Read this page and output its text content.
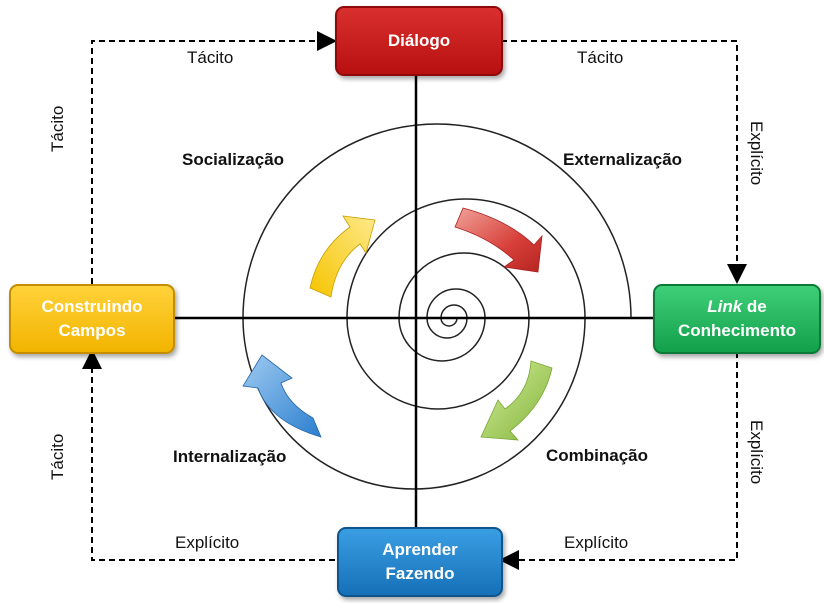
Diálogo
Link de
Conhecimento
Aprender
Fazendo
Construindo
Campos
Socialização	Externalização
Combinação
Internalização
Tácito	Tácito
Explícito	Explícito
Tácito
Tácito
Explícito
Explícito
